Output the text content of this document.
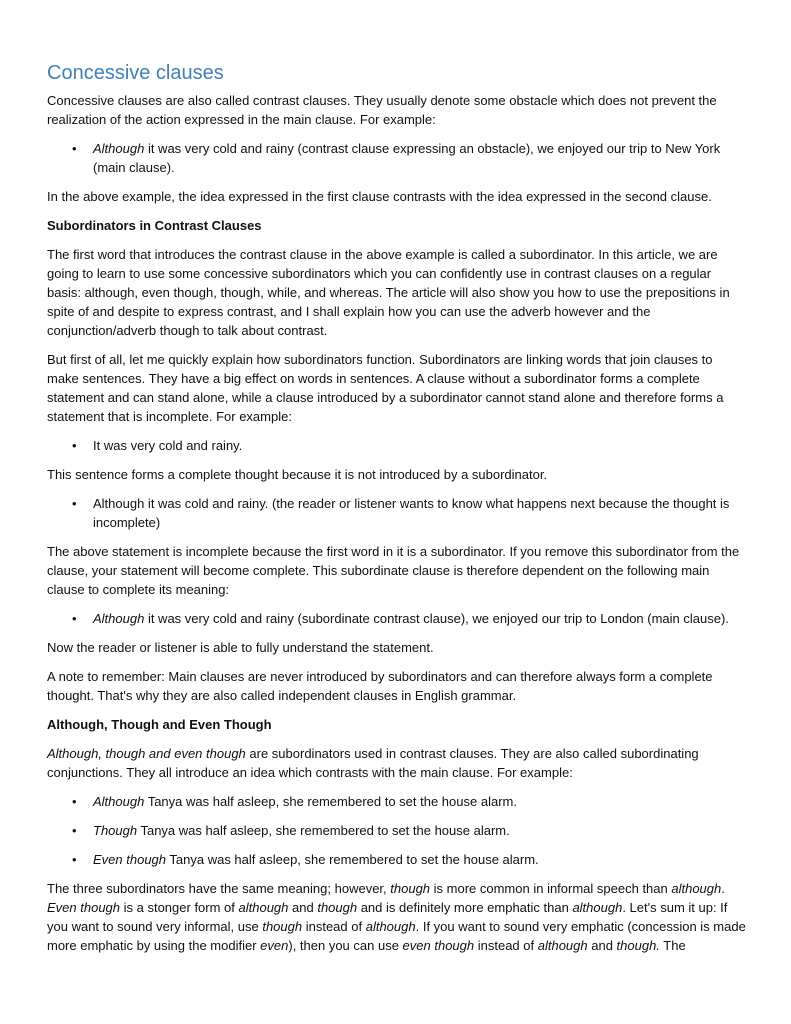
Concessive clauses

Concessive clauses are also called contrast clauses. They usually denote some obstacle which does not prevent the realization of the action expressed in the main clause. For example:

• Although it was very cold and rainy (contrast clause expressing an obstacle), we enjoyed our trip to New York (main clause).

In the above example, the idea expressed in the first clause contrasts with the idea expressed in the second clause.

Subordinators in Contrast Clauses

The first word that introduces the contrast clause in the above example is called a subordinator. In this article, we are going to learn to use some concessive subordinators which you can confidently use in contrast clauses on a regular basis: although, even though, though, while, and whereas. The article will also show you how to use the prepositions in spite of and despite to express contrast, and I shall explain how you can use the adverb however and the conjunction/adverb though to talk about contrast.

But first of all, let me quickly explain how subordinators function. Subordinators are linking words that join clauses to make sentences. They have a big effect on words in sentences. A clause without a subordinator forms a complete statement and can stand alone, while a clause introduced by a subordinator cannot stand alone and therefore forms a statement that is incomplete. For example:

• It was very cold and rainy.

This sentence forms a complete thought because it is not introduced by a subordinator.

• Although it was cold and rainy. (the reader or listener wants to know what happens next because the thought is incomplete)

The above statement is incomplete because the first word in it is a subordinator. If you remove this subordinator from the clause, your statement will become complete. This subordinate clause is therefore dependent on the following main clause to complete its meaning:

• Although it was very cold and rainy (subordinate contrast clause), we enjoyed our trip to London (main clause).

Now the reader or listener is able to fully understand the statement.

A note to remember: Main clauses are never introduced by subordinators and can therefore always form a complete thought. That's why they are also called independent clauses in English grammar.

Although, Though and Even Though

Although, though and even though are subordinators used in contrast clauses. They are also called subordinating conjunctions. They all introduce an idea which contrasts with the main clause. For example:

• Although Tanya was half asleep, she remembered to set the house alarm.
• Though Tanya was half asleep, she remembered to set the house alarm.
• Even though Tanya was half asleep, she remembered to set the house alarm.

The three subordinators have the same meaning; however, though is more common in informal speech than although. Even though is a stonger form of although and though and is definitely more emphatic than although. Let's sum it up: If you want to sound very informal, use though instead of although. If you want to sound very emphatic (concession is made more emphatic by using the modifier even), then you can use even though instead of although and though. The
